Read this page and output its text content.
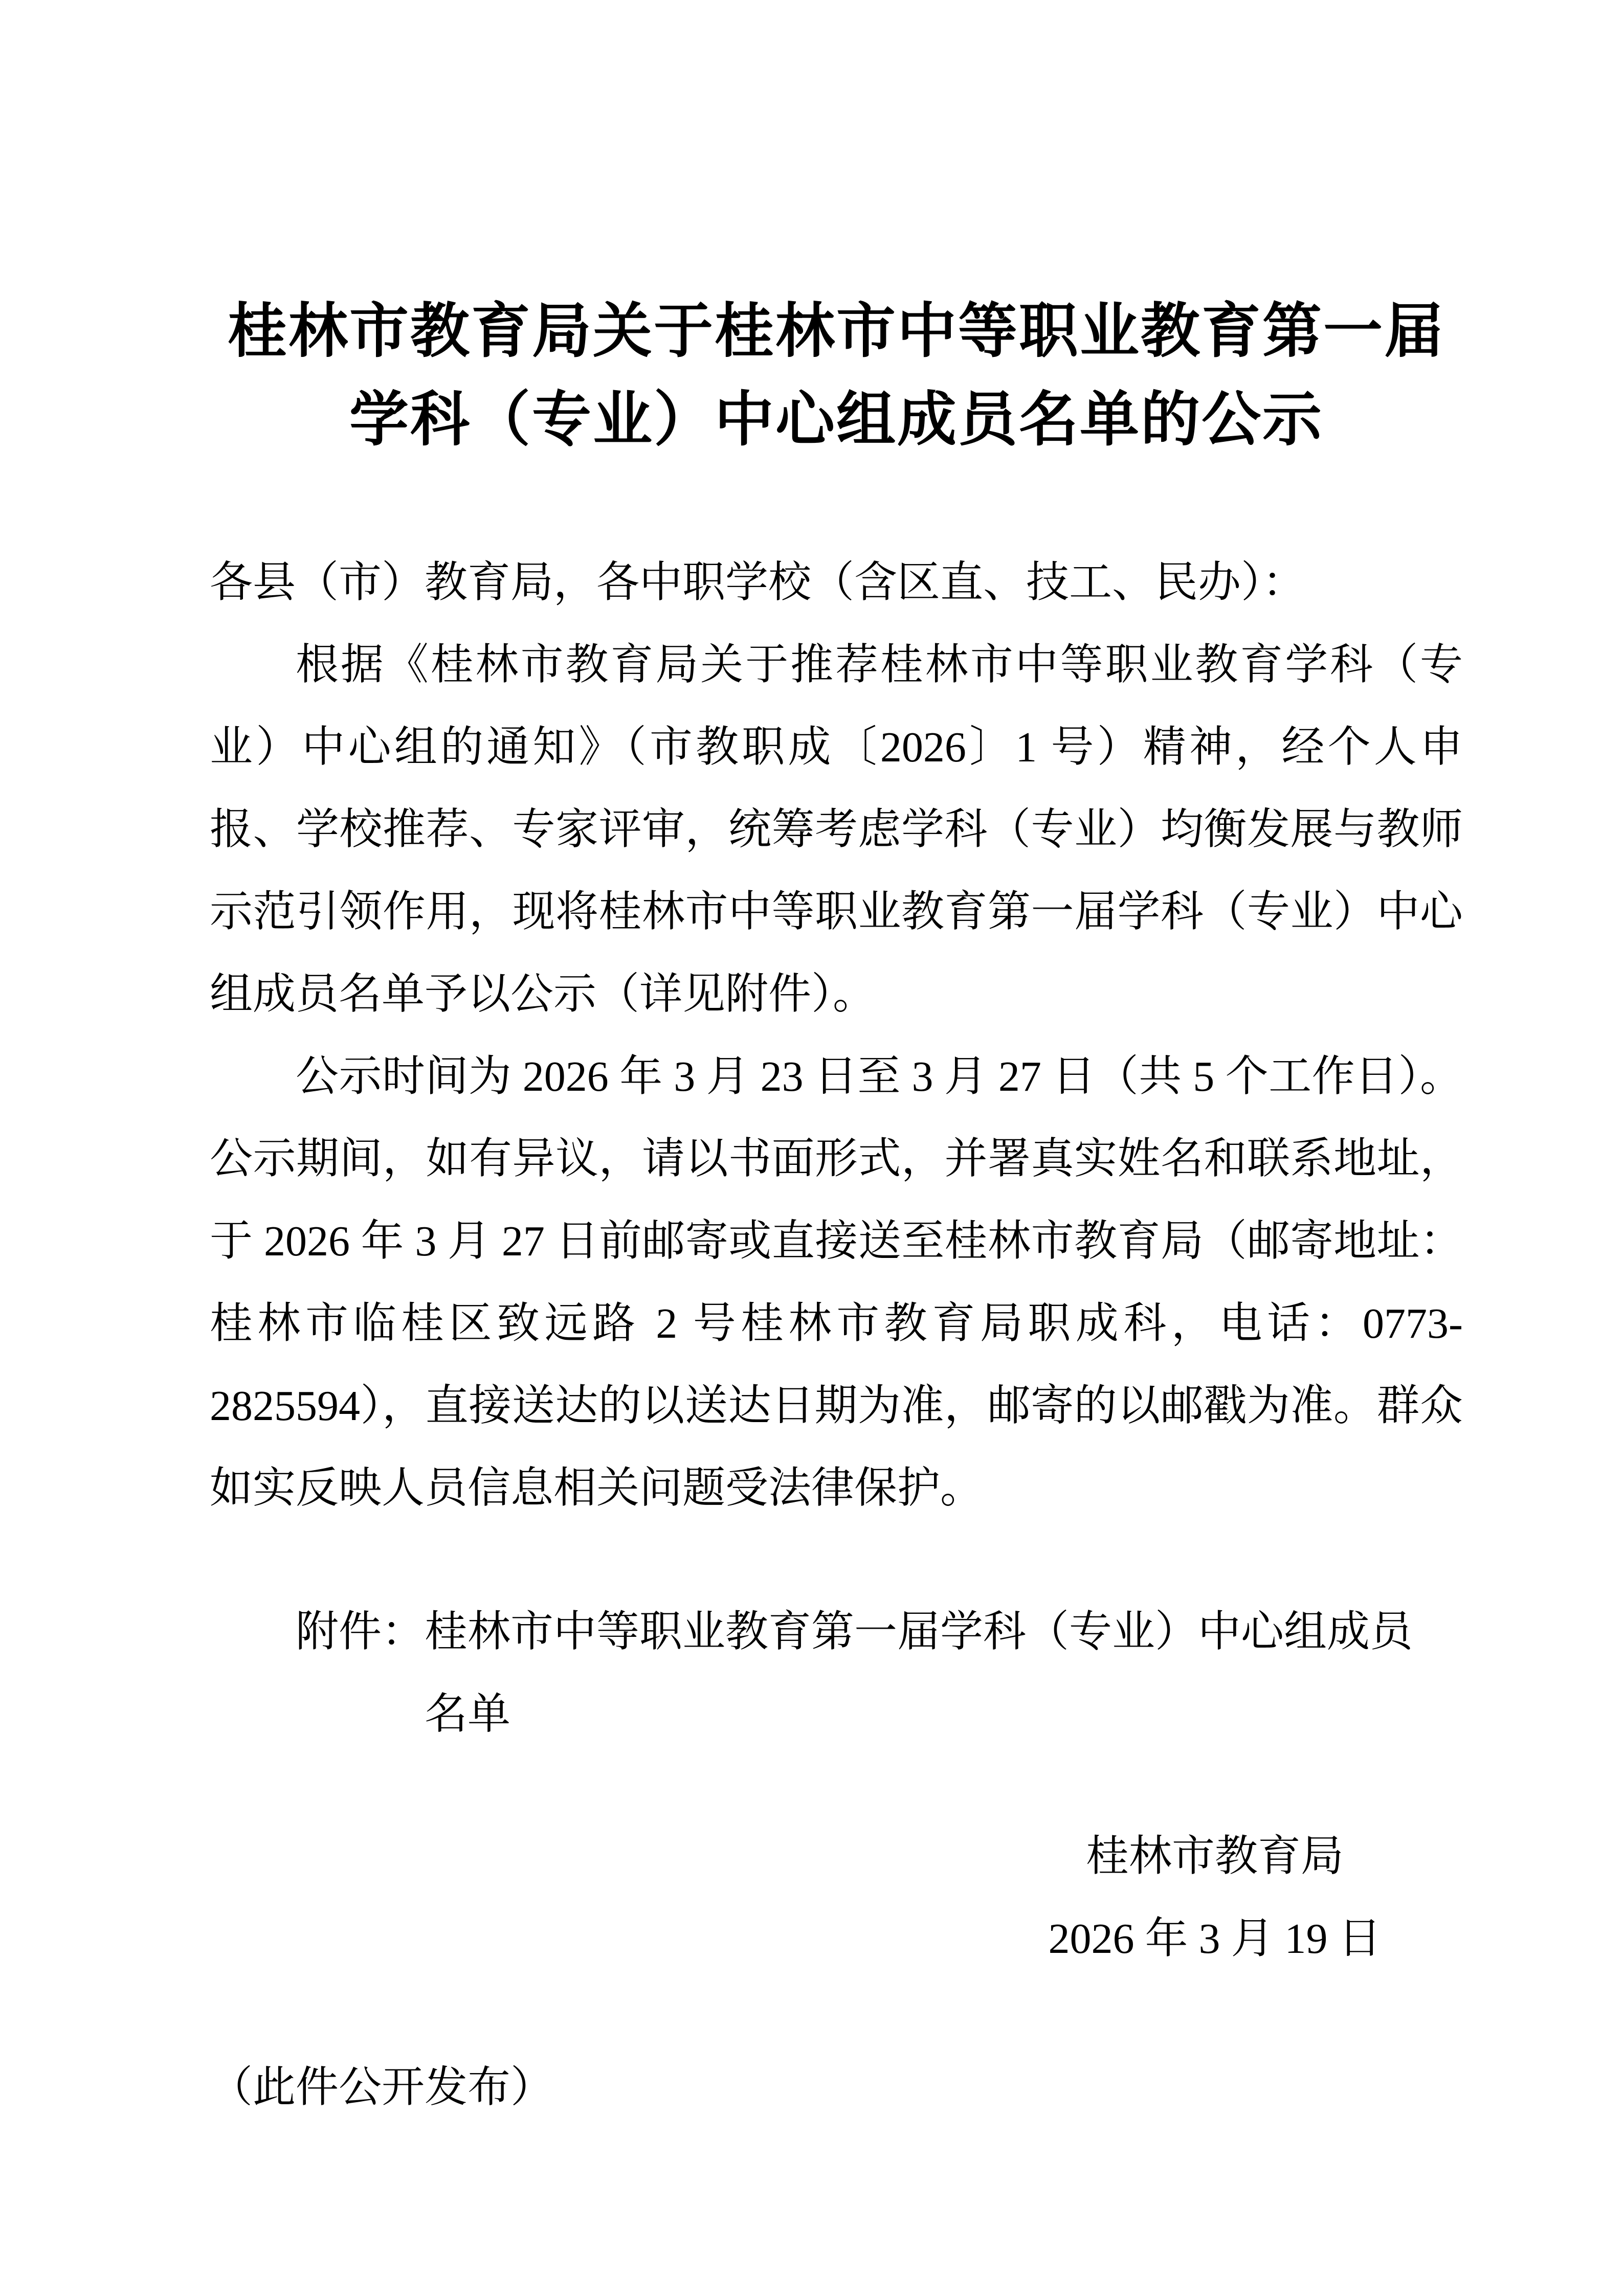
桂林市教育局关于桂林市中等职业教育第一届
学科（专业）中心组成员名单的公示

各县（市）教育局，各中职学校（含区直、技工、民办）：

根据《桂林市教育局关于推荐桂林市中等职业教育学科（专业）中心组的通知》（市教职成〔2026〕1 号）精神，经个人申报、学校推荐、专家评审，统筹考虑学科（专业）均衡发展与教师示范引领作用，现将桂林市中等职业教育第一届学科（专业）中心组成员名单予以公示（详见附件）。

公示时间为 2026 年 3 月 23 日至 3 月 27 日（共 5 个工作日）。公示期间，如有异议，请以书面形式，并署真实姓名和联系地址，于 2026 年 3 月 27 日前邮寄或直接送至桂林市教育局（邮寄地址：桂林市临桂区致远路 2 号桂林市教育局职成科，电话：0773-2825594），直接送达的以送达日期为准，邮寄的以邮戳为准。群众如实反映人员信息相关问题受法律保护。

附件： 桂林市中等职业教育第一届学科（专业）中心组成员名单
桂林市教育局
2026 年 3 月 19 日

（此件公开发布）
